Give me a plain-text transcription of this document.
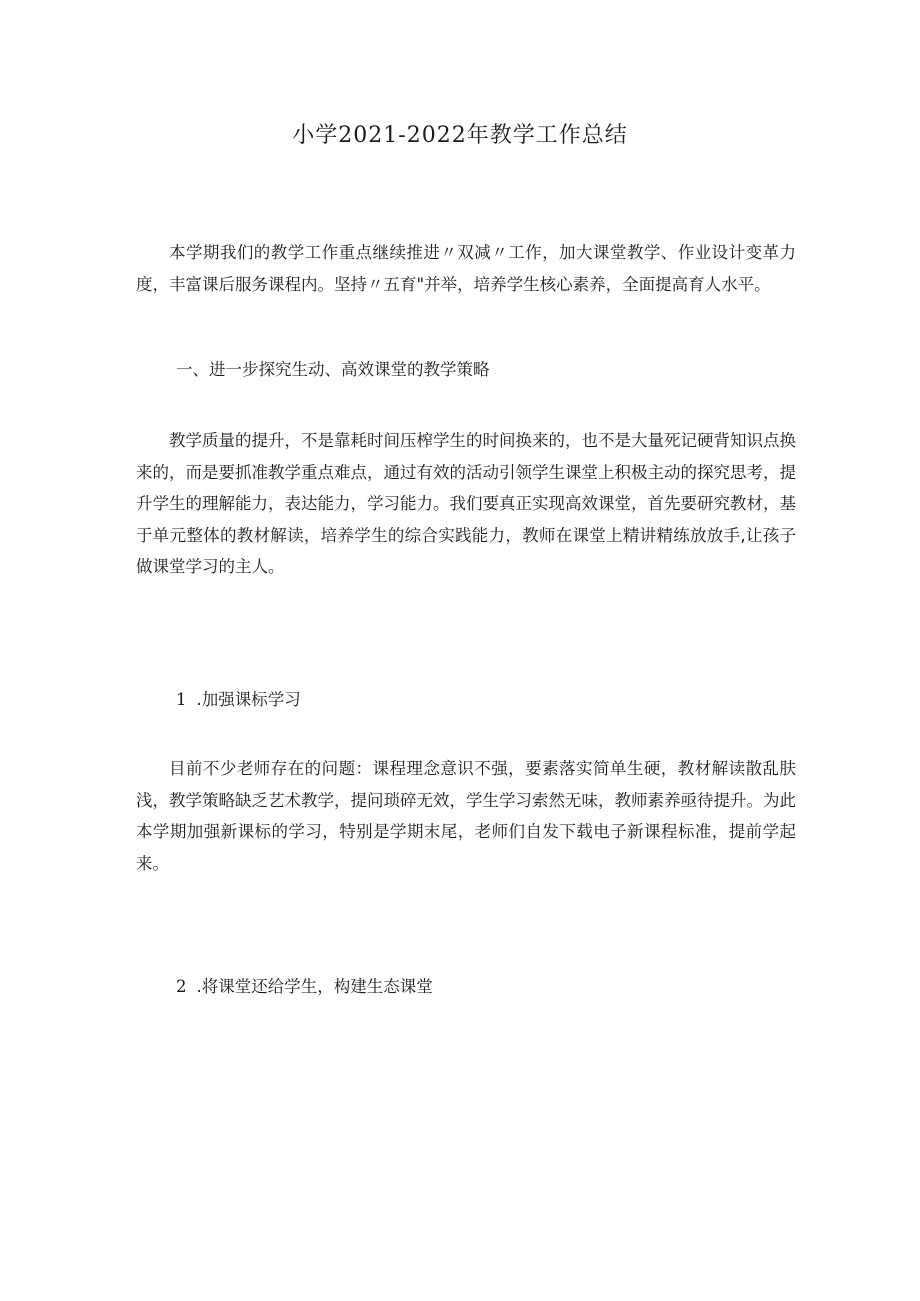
小学2021-2022年教学工作总结
本学期我们的教学工作重点继续推进〃双减〃工作，加大课堂教学、作业设计变革力度，丰富课后服务课程内。坚持〃五育"并举，培养学生核心素养，全面提高育人水平。
一、进一步探究生动、高效课堂的教学策略
教学质量的提升，不是靠耗时间压榨学生的时间换来的，也不是大量死记硬背知识点换来的，而是要抓准教学重点难点，通过有效的活动引领学生课堂上积极主动的探究思考，提升学生的理解能力，表达能力，学习能力。我们要真正实现高效课堂，首先要研究教材，基于单元整体的教材解读，培养学生的综合实践能力，教师在课堂上精讲精练放放手,让孩子做课堂学习的主人。
1 .加强课标学习
目前不少老师存在的问题：课程理念意识不强，要素落实简单生硬，教材解读散乱肤浅，教学策略缺乏艺术教学，提问琐碎无效，学生学习索然无味，教师素养亟待提升。为此本学期加强新课标的学习，特别是学期末尾，老师们自发下载电子新课程标准，提前学起来。
2 .将课堂还给学生，构建生态课堂
